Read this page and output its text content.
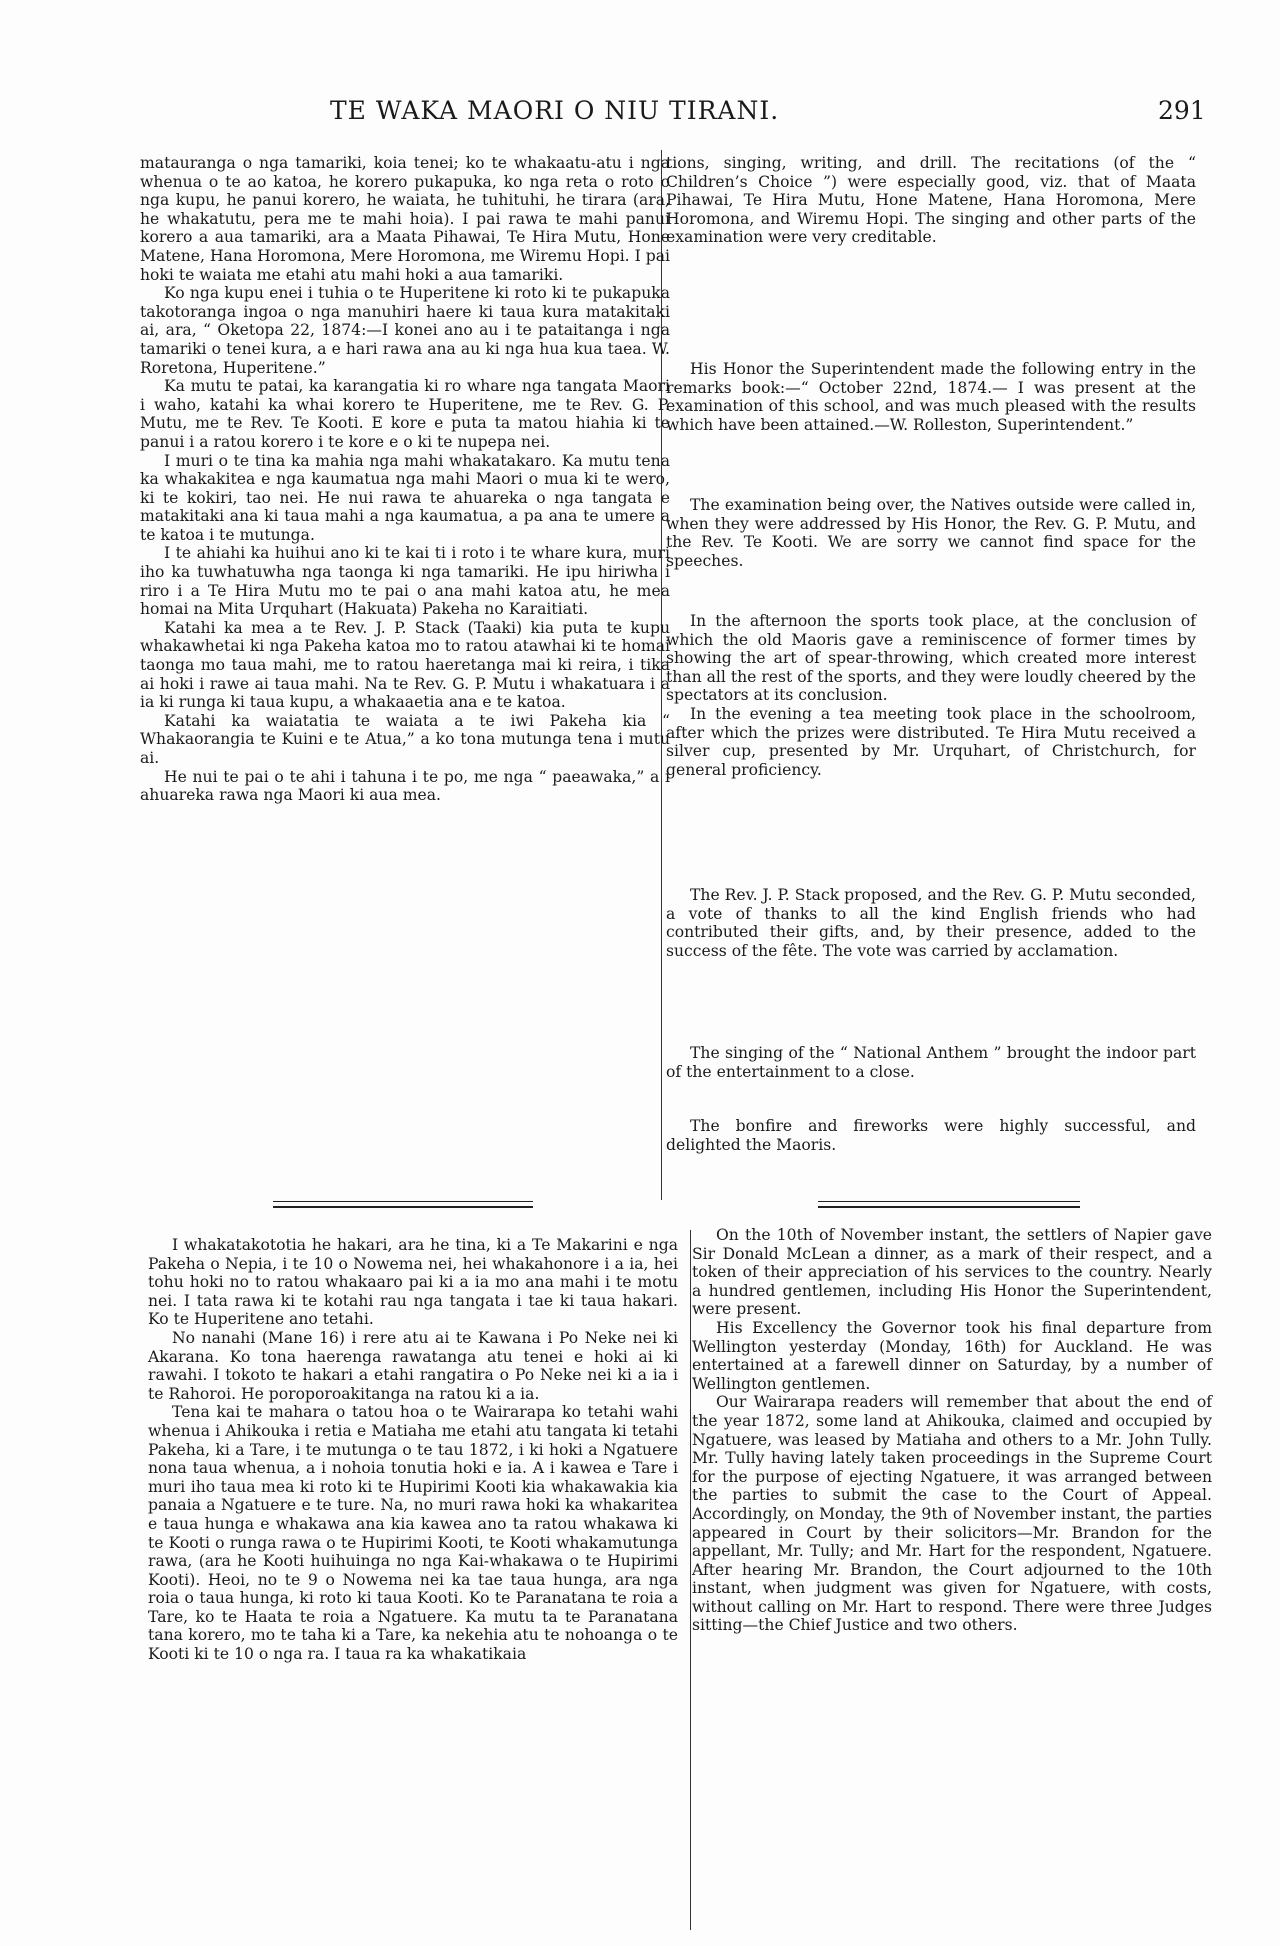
TE WAKA MAORI O NIU TIRANI.	291

matauranga o nga tamariki, koia tenei; ko te whakaatu-atu i nga whenua o te ao katoa, he korero pukapuka, ko nga reta o roto o nga kupu, he panui korero, he waiata, he tuhituhi, he tirara (ara, he whakatutu, pera me te mahi hoia). I pai rawa te mahi panui korero a aua tamariki, ara a Maata Pihawai, Te Hira Mutu, Hone Matene, Hana Horomona, Mere Horomona, me Wiremu Hopi. I pai hoki te waiata me etahi atu mahi hoki a aua tamariki.

Ko nga kupu enei i tuhia o te Huperitene ki roto ki te pukapuka takotoranga ingoa o nga manuhiri haere ki taua kura matakitaki ai, ara, “ Oketopa 22, 1874:—I konei ano au i te pataitanga i nga tamariki o tenei kura, a e hari rawa ana au ki nga hua kua taea. W. Roretona, Huperitene.”

Ka mutu te patai, ka karangatia ki ro whare nga tangata Maori i waho, katahi ka whai korero te Huperitene, me te Rev. G. P. Mutu, me te Rev. Te Kooti. E kore e puta ta matou hiahia ki te panui i a ratou korero i te kore e o ki te nupepa nei.

I muri o te tina ka mahia nga mahi whakatakaro. Ka mutu tena ka whakakitea e nga kaumatua nga mahi Maori o mua ki te wero, ki te kokiri, tao nei. He nui rawa te ahuareka o nga tangata e matakitaki ana ki taua mahi a nga kaumatua, a pa ana te umere a te katoa i te mutunga.

I te ahiahi ka huihui ano ki te kai ti i roto i te whare kura, muri iho ka tuwhatuwha nga taonga ki nga tamariki. He ipu hiriwha i riro i a Te Hira Mutu mo te pai o ana mahi katoa atu, he mea homai na Mita Urquhart (Hakuata) Pakeha no Karaitiati.

Katahi ka mea a te Rev. J. P. Stack (Taaki) kia puta te kupu whakawhetai ki nga Pakeha katoa mo to ratou atawhai ki te homai taonga mo taua mahi, me to ratou haeretanga mai ki reira, i tika ai hoki i rawe ai taua mahi. Na te Rev. G. P. Mutu i whakatuara i a ia ki runga ki taua kupu, a whakaaetia ana e te katoa.

Katahi ka waiatatia te waiata a te iwi Pakeha kia “ Whakaorangia te Kuini e te Atua,” a ko tona mutunga tena i mutu ai.

He nui te pai o te ahi i tahuna i te po, me nga “ paeawaka,” a i ahuareka rawa nga Maori ki aua mea.

tions, singing, writing, and drill. The recitations (of the “ Children’s Choice ”) were especially good, viz. that of Maata Pihawai, Te Hira Mutu, Hone Matene, Hana Horomona, Mere Horomona, and Wiremu Hopi. The singing and other parts of the examination were very creditable.

His Honor the Superintendent made the following entry in the remarks book:—“ October 22nd, 1874.— I was present at the examination of this school, and was much pleased with the results which have been attained.—W. Rolleston, Superintendent.”

The examination being over, the Natives outside were called in, when they were addressed by His Honor, the Rev. G. P. Mutu, and the Rev. Te Kooti. We are sorry we cannot find space for the speeches.

In the afternoon the sports took place, at the conclusion of which the old Maoris gave a reminiscence of former times by showing the art of spear-throwing, which created more interest than all the rest of the sports, and they were loudly cheered by the spectators at its conclusion.

In the evening a tea meeting took place in the schoolroom, after which the prizes were distributed. Te Hira Mutu received a silver cup, presented by Mr. Urquhart, of Christchurch, for general proficiency.

The Rev. J. P. Stack proposed, and the Rev. G. P. Mutu seconded, a vote of thanks to all the kind English friends who had contributed their gifts, and, by their presence, added to the success of the fête. The vote was carried by acclamation.

The singing of the “ National Anthem ” brought the indoor part of the entertainment to a close.

The bonfire and fireworks were highly successful, and delighted the Maoris.

I whakatakototia he hakari, ara he tina, ki a Te Makarini e nga Pakeha o Nepia, i te 10 o Nowema nei, hei whakahonore i a ia, hei tohu hoki no to ratou whakaaro pai ki a ia mo ana mahi i te motu nei. I tata rawa ki te kotahi rau nga tangata i tae ki taua hakari. Ko te Huperitene ano tetahi.

No nanahi (Mane 16) i rere atu ai te Kawana i Po Neke nei ki Akarana. Ko tona haerenga rawatanga atu tenei e hoki ai ki rawahi. I tokoto te hakari a etahi rangatira o Po Neke nei ki a ia i te Rahoroi. He poroporoakitanga na ratou ki a ia.

Tena kai te mahara o tatou hoa o te Wairarapa ko tetahi wahi whenua i Ahikouka i retia e Matiaha me etahi atu tangata ki tetahi Pakeha, ki a Tare, i te mutunga o te tau 1872, i ki hoki a Ngatuere nona taua whenua, a i nohoia tonutia hoki e ia. A i kawea e Tare i muri iho taua mea ki roto ki te Hupirimi Kooti kia whakawakia kia panaia a Ngatuere e te ture. Na, no muri rawa hoki ka whakaritea e taua hunga e whakawa ana kia kawea ano ta ratou whakawa ki te Kooti o runga rawa o te Hupirimi Kooti, te Kooti whakamutunga rawa, (ara he Kooti huihuinga no nga Kai-whakawa o te Hupirimi Kooti). Heoi, no te 9 o Nowema nei ka tae taua hunga, ara nga roia o taua hunga, ki roto ki taua Kooti. Ko te Paranatana te roia a Tare, ko te Haata te roia a Ngatuere. Ka mutu ta te Paranatana tana korero, mo te taha ki a Tare, ka nekehia atu te nohoanga o te Kooti ki te 10 o nga ra. I taua ra ka whakatikaia

On the 10th of November instant, the settlers of Napier gave Sir Donald McLean a dinner, as a mark of their respect, and a token of their appreciation of his services to the country. Nearly a hundred gentlemen, including His Honor the Superintendent, were present.

His Excellency the Governor took his final departure from Wellington yesterday (Monday, 16th) for Auckland. He was entertained at a farewell dinner on Saturday, by a number of Wellington gentlemen.

Our Wairarapa readers will remember that about the end of the year 1872, some land at Ahikouka, claimed and occupied by Ngatuere, was leased by Matiaha and others to a Mr. John Tully. Mr. Tully having lately taken proceedings in the Supreme Court for the purpose of ejecting Ngatuere, it was arranged between the parties to submit the case to the Court of Appeal. Accordingly, on Monday, the 9th of November instant, the parties appeared in Court by their solicitors—Mr. Brandon for the appellant, Mr. Tully; and Mr. Hart for the respondent, Ngatuere. After hearing Mr. Brandon, the Court adjourned to the 10th instant, when judgment was given for Ngatuere, with costs, without calling on Mr. Hart to respond. There were three Judges sitting—the Chief Justice and two others.
